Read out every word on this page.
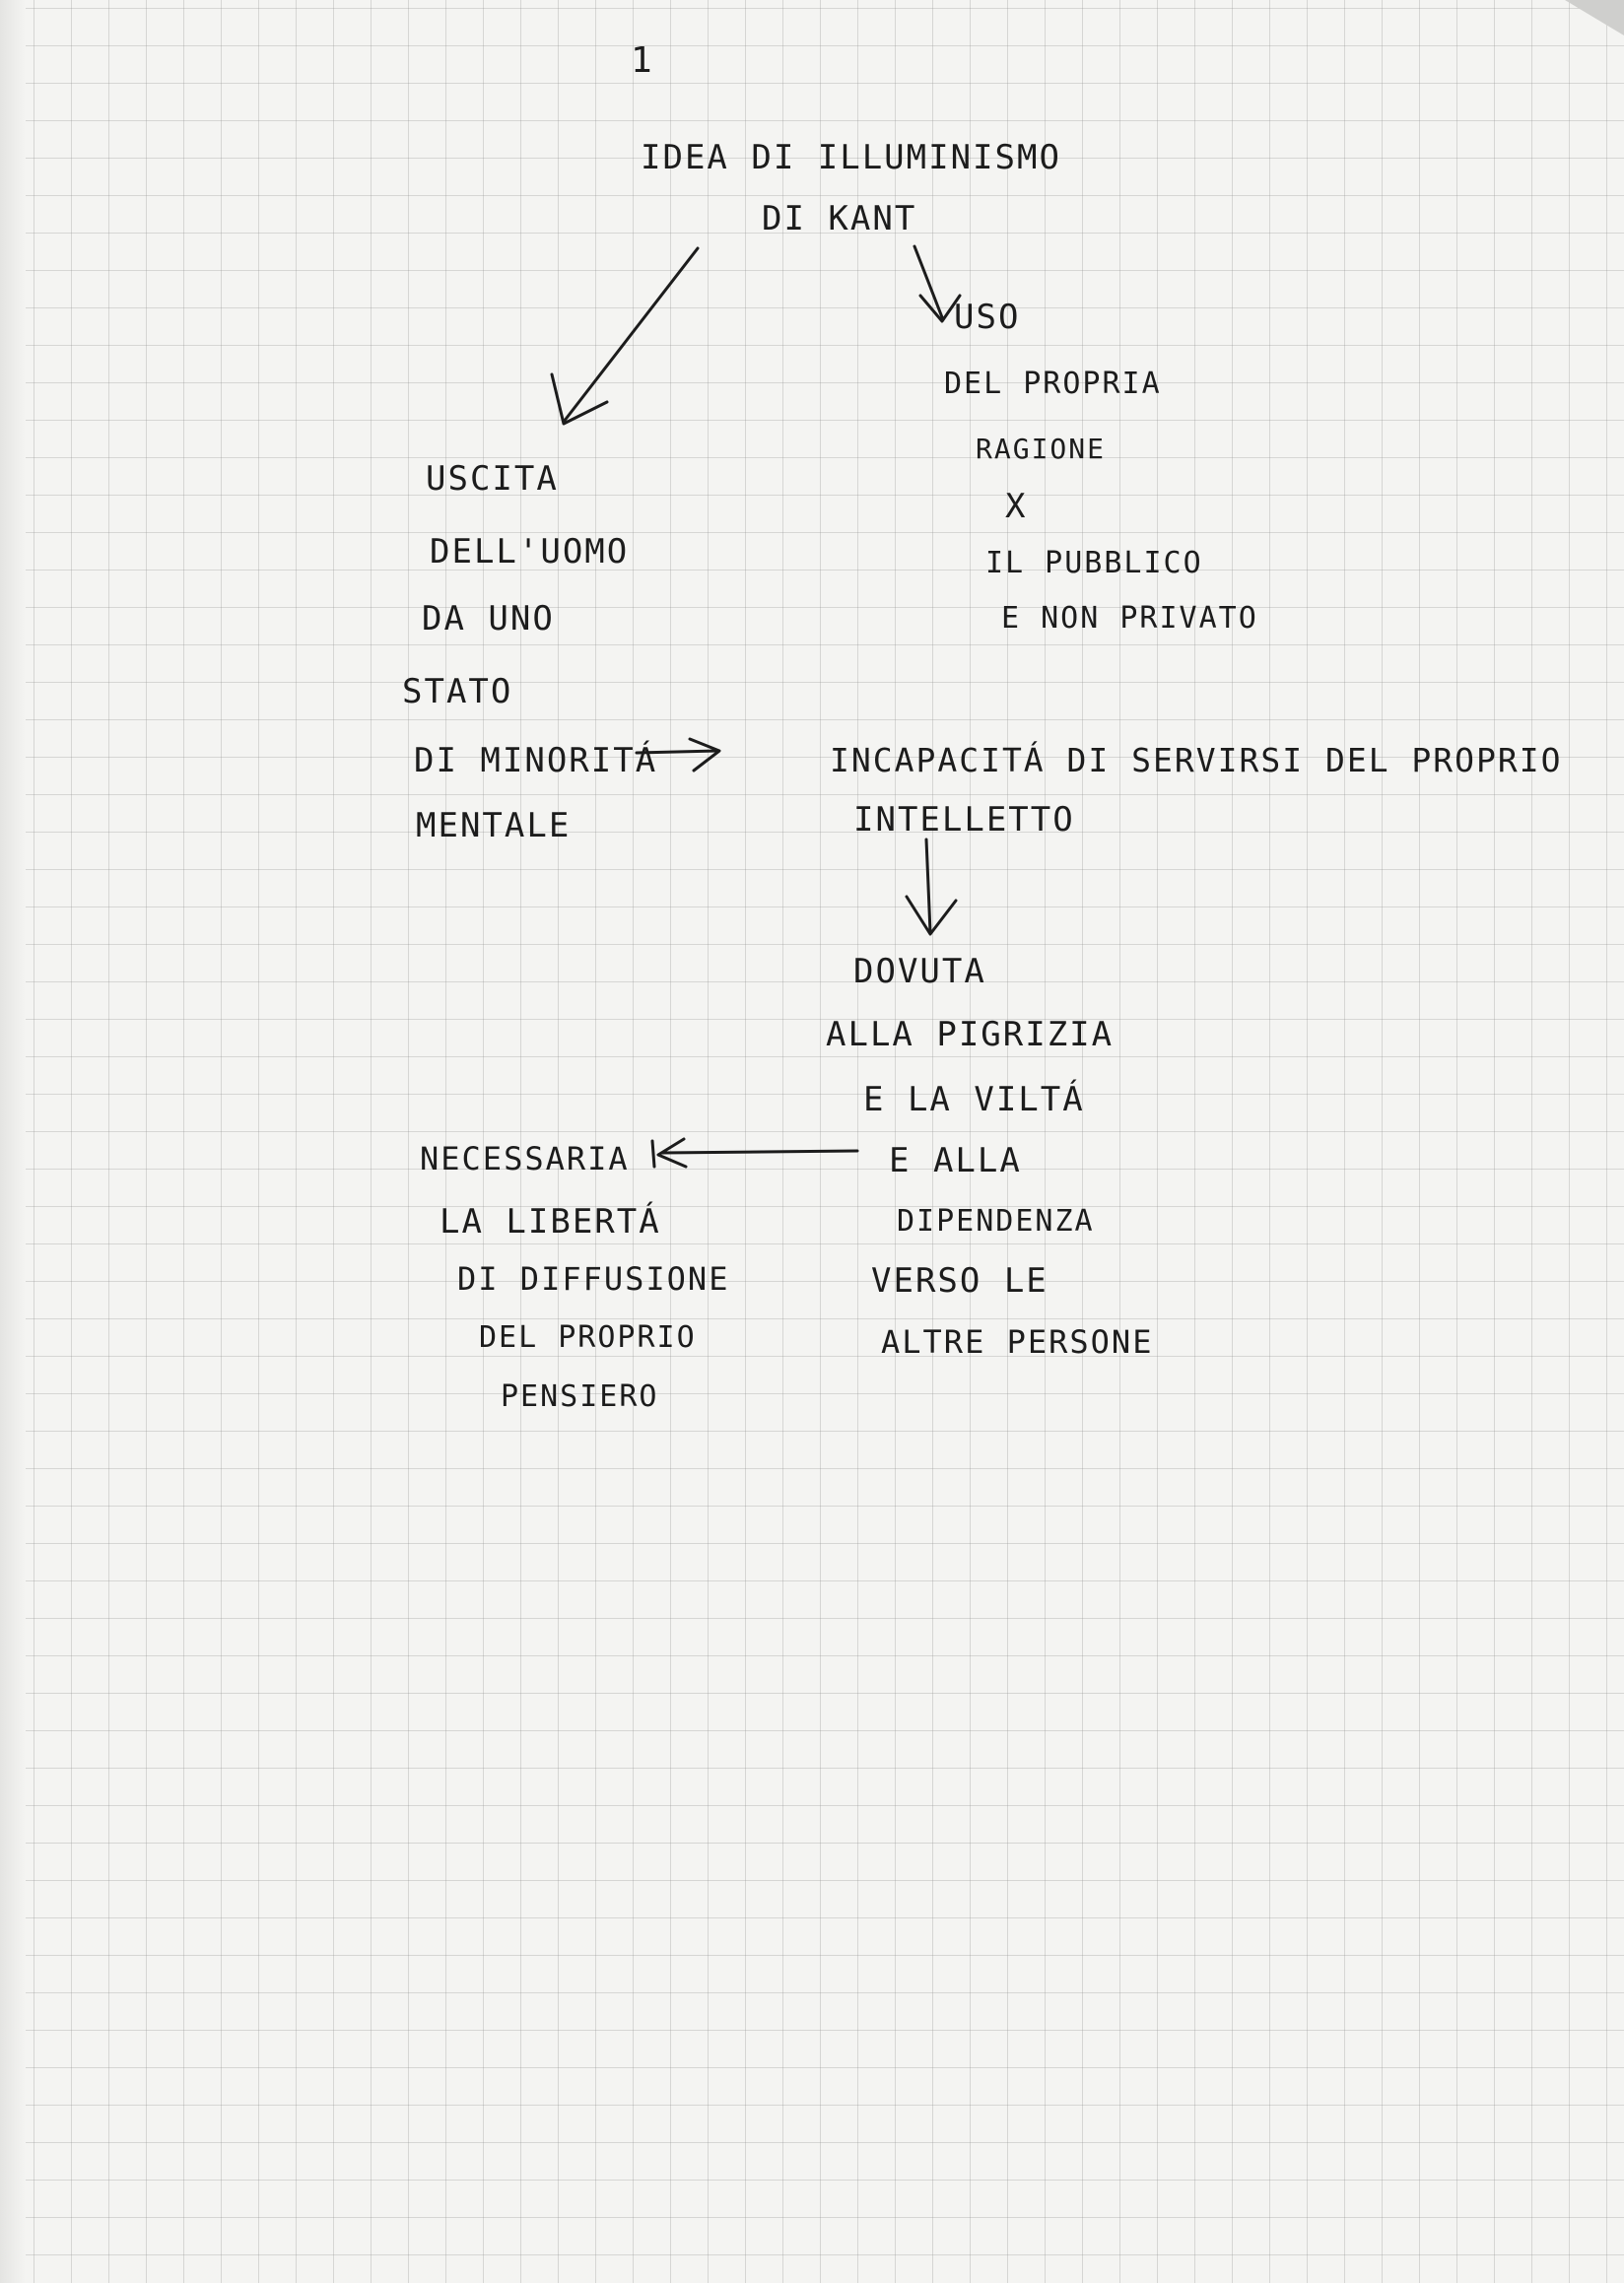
1
IDEA DI ILLUMINISMO
DI KANT
USCITA
DELL'UOMO
DA UNO
STATO
DI MINORITÁ
MENTALE
USO
DEL PROPRIA
RAGIONE
X
IL PUBBLICO
E NON PRIVATO
INCAPACITÁ DI SERVIRSI DEL PROPRIO
INTELLETTO
DOVUTA
ALLA PIGRIZIA
E LA VILTÁ
E ALLA
DIPENDENZA
VERSO LE
ALTRE PERSONE
NECESSARIA
LA LIBERTÁ
DI DIFFUSIONE
DEL PROPRIO
PENSIERO
